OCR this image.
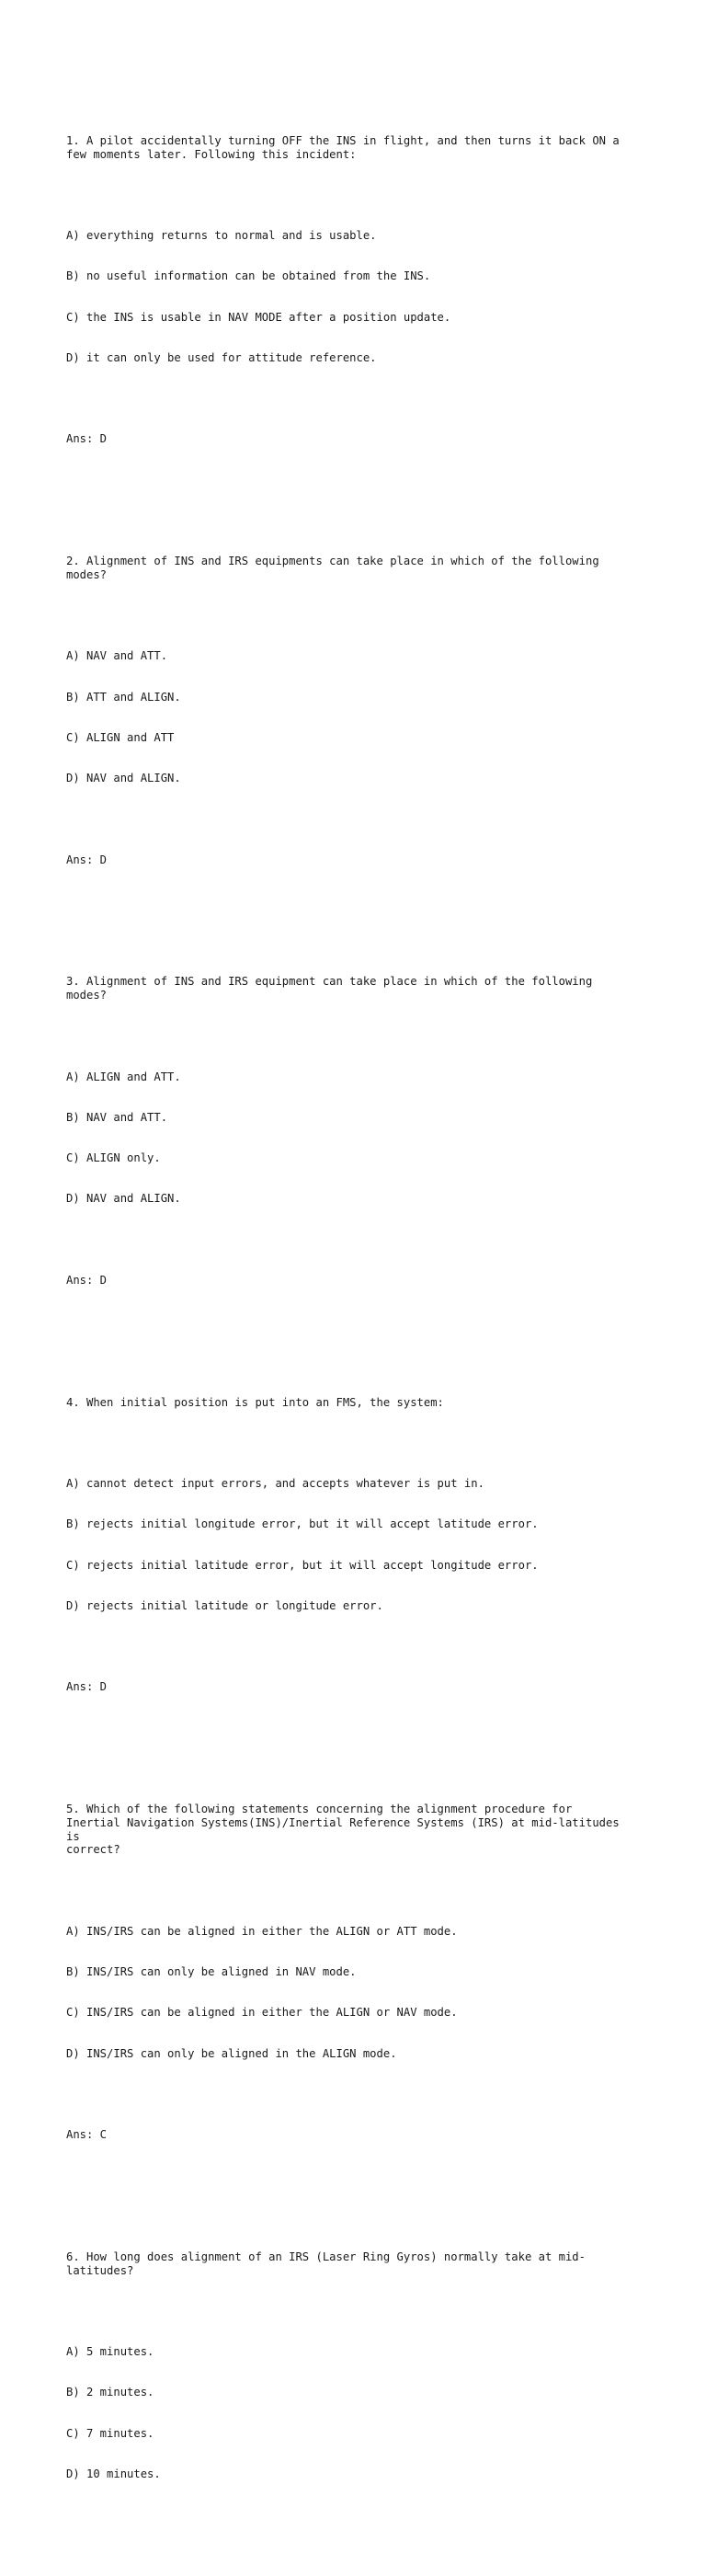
1. A pilot accidentally turning OFF the INS in flight, and then turns it back ON a
few moments later. Following this incident:

A) everything returns to normal and is usable.

B) no useful information can be obtained from the INS.

C) the INS is usable in NAV MODE after a position update.

D) it can only be used for attitude reference.

Ans: D

2. Alignment of INS and IRS equipments can take place in which of the following
modes?

A) NAV and ATT.

B) ATT and ALIGN.

C) ALIGN and ATT

D) NAV and ALIGN.

Ans: D

3. Alignment of INS and IRS equipment can take place in which of the following
modes?

A) ALIGN and ATT.

B) NAV and ATT.

C) ALIGN only.

D) NAV and ALIGN.

Ans: D

4. When initial position is put into an FMS, the system:

A) cannot detect input errors, and accepts whatever is put in.

B) rejects initial longitude error, but it will accept latitude error.

C) rejects initial latitude error, but it will accept longitude error.

D) rejects initial latitude or longitude error.

Ans: D

5. Which of the following statements concerning the alignment procedure for
Inertial Navigation Systems(INS)/Inertial Reference Systems (IRS) at mid-latitudes
is
correct?

A) INS/IRS can be aligned in either the ALIGN or ATT mode.

B) INS/IRS can only be aligned in NAV mode.

C) INS/IRS can be aligned in either the ALIGN or NAV mode.

D) INS/IRS can only be aligned in the ALIGN mode.

Ans: C

6. How long does alignment of an IRS (Laser Ring Gyros) normally take at mid-
latitudes?

A) 5 minutes.

B) 2 minutes.

C) 7 minutes.

D) 10 minutes.
